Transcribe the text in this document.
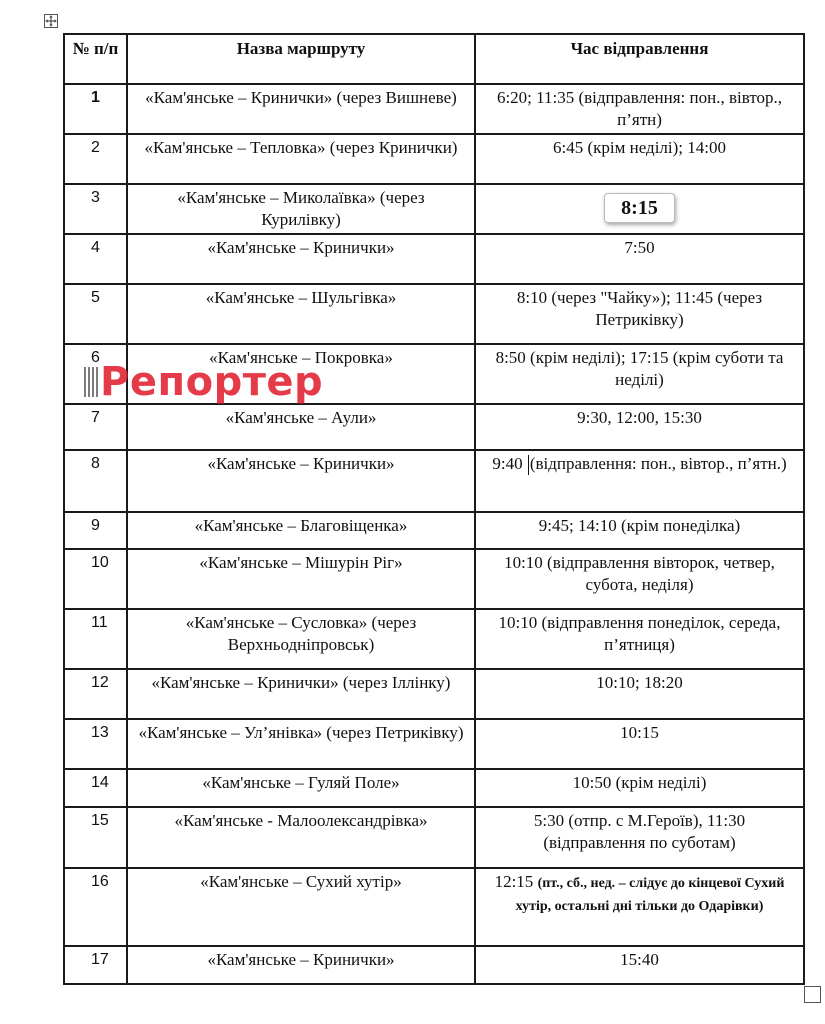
№ п/п	Назва маршруту	Час відправлення
1	«Кам'янське – Кринички» (через Вишневе)	6:20; 11:35 (відправлення: пон., вівтор., п’ятн)
2	«Кам'янське – Тепловка» (через Кринички)	6:45 (крім неділі); 14:00
3	«Кам'янське – Миколаївка» (через Курилівку)	8:15
4	«Кам'янське – Кринички»	7:50
5	«Кам'янське – Шульгівка»	8:10 (через "Чайку»); 11:45 (через Петриківку)
6	«Кам'янське – Покровка»	8:50 (крім неділі); 17:15 (крім суботи та неділі)
7	«Кам'янське – Аули»	9:30, 12:00, 15:30
8	«Кам'янське – Кринички»	9:40 (відправлення: пон., вівтор., п’ятн.)
9	«Кам'янське – Благовіщенка»	9:45; 14:10 (крім понеділка)
10	«Кам'янське – Мішурін Ріг»	10:10 (відправлення вівторок, четвер, субота, неділя)
11	«Кам'янське – Сусловка» (через Верхньодніпровськ)	10:10 (відправлення понеділок, середа, п’ятниця)
12	«Кам'янське – Кринички» (через Іллінку)	10:10; 18:20
13	«Кам'янське – Ул’янівка» (через Петриківку)	10:15
14	«Кам'янське – Гуляй Поле»	10:50 (крім неділі)
15	«Кам'янське - Малоолександрівка»	5:30 (отпр. с М.Героїв), 11:30 (відправлення по суботам)
16	«Кам'янське – Сухий хутір»	12:15 (пт., сб., нед. – слідує до кінцевої Сухий хутір, остальні дні тільки до Одарівки)
17	«Кам'янське – Кринички»	15:40
Репортер
